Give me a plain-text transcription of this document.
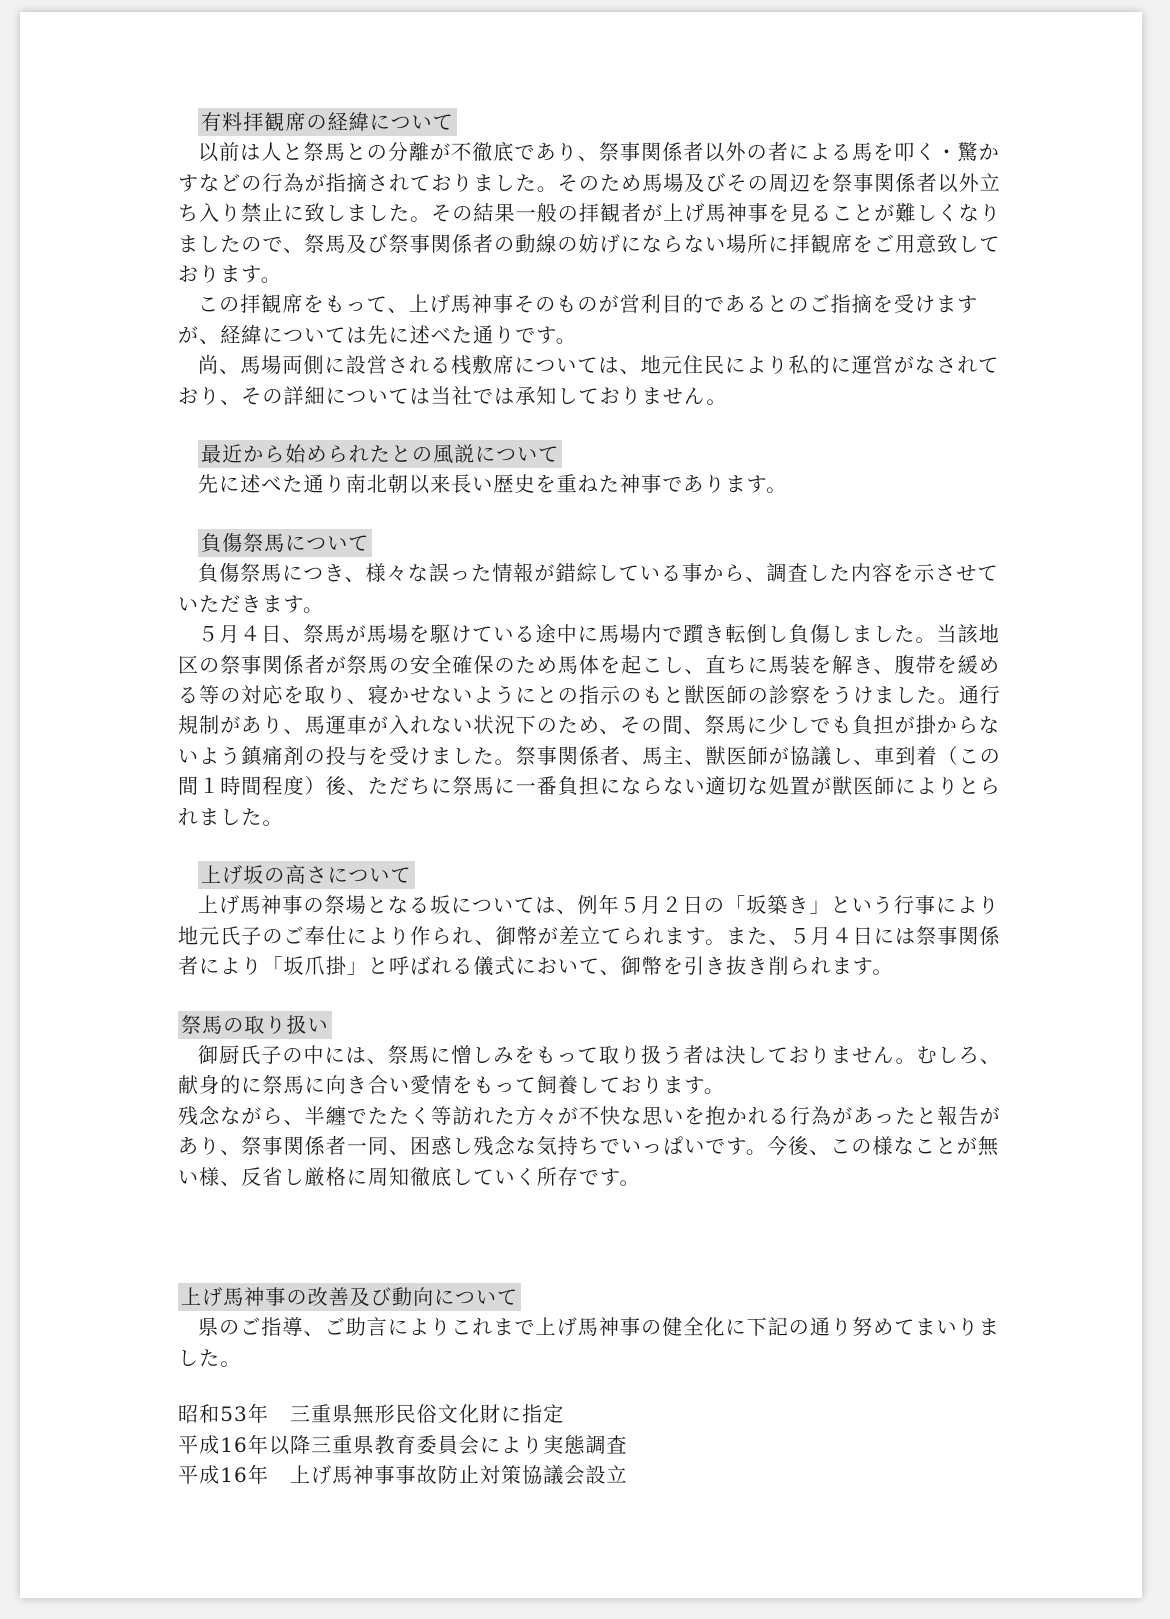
有料拝観席の経緯について

以前は人と祭馬との分離が不徹底であり、祭事関係者以外の者による馬を叩く・驚かすなどの行為が指摘されておりました。そのため馬場及びその周辺を祭事関係者以外立ち入り禁止に致しました。その結果一般の拝観者が上げ馬神事を見ることが難しくなりましたので、祭馬及び祭事関係者の動線の妨げにならない場所に拝観席をご用意致しております。

この拝観席をもって、上げ馬神事そのものが営利目的であるとのご指摘を受けますが、経緯については先に述べた通りです。

尚、馬場両側に設営される桟敷席については、地元住民により私的に運営がなされており、その詳細については当社では承知しておりません。

最近から始められたとの風説について

先に述べた通り南北朝以来長い歴史を重ねた神事であります。

負傷祭馬について

負傷祭馬につき、様々な誤った情報が錯綜している事から、調査した内容を示させていただきます。

５月４日、祭馬が馬場を駆けている途中に馬場内で躓き転倒し負傷しました。当該地区の祭事関係者が祭馬の安全確保のため馬体を起こし、直ちに馬装を解き、腹帯を緩める等の対応を取り、寝かせないようにとの指示のもと獣医師の診察をうけました。通行規制があり、馬運車が入れない状況下のため、その間、祭馬に少しでも負担が掛からないよう鎮痛剤の投与を受けました。祭事関係者、馬主、獣医師が協議し、車到着（この間１時間程度）後、ただちに祭馬に一番負担にならない適切な処置が獣医師によりとられました。

上げ坂の高さについて

上げ馬神事の祭場となる坂については、例年５月２日の「坂築き」という行事により地元氏子のご奉仕により作られ、御幣が差立てられます。また、５月４日には祭事関係者により「坂爪掛」と呼ばれる儀式において、御幣を引き抜き削られます。

祭馬の取り扱い

御厨氏子の中には、祭馬に憎しみをもって取り扱う者は決しておりません。むしろ、献身的に祭馬に向き合い愛情をもって飼養しております。

残念ながら、半纏でたたく等訪れた方々が不快な思いを抱かれる行為があったと報告があり、祭事関係者一同、困惑し残念な気持ちでいっぱいです。今後、この様なことが無い様、反省し厳格に周知徹底していく所存です。

上げ馬神事の改善及び動向について

県のご指導、ご助言によりこれまで上げ馬神事の健全化に下記の通り努めてまいりました。

昭和53年　三重県無形民俗文化財に指定

平成16年以降三重県教育委員会により実態調査

平成16年　上げ馬神事事故防止対策協議会設立
